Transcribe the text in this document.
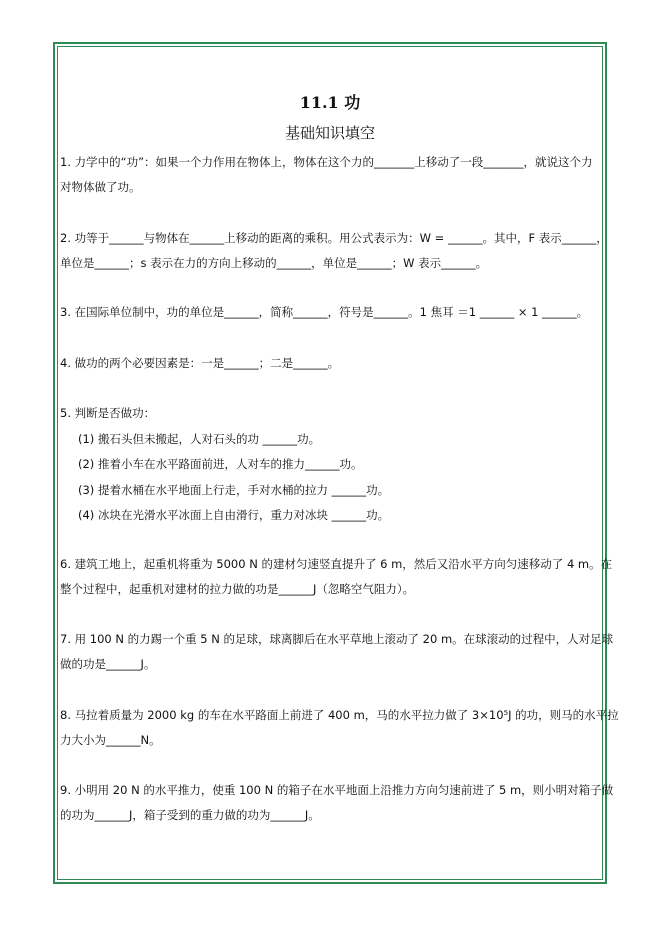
11.1 功
基础知识填空
1. 力学中的“功”：如果一个力作用在物体上，物体在这个力的_______上移动了一段_______，就说这个力
对物体做了功。
2. 功等于______与物体在______上移动的距离的乘积。用公式表示为：W = ______。其中，F 表示______，
单位是______；s 表示在力的方向上移动的______，单位是______；W 表示______。
3. 在国际单位制中，功的单位是______，简称______，符号是______。1 焦耳 ＝1 ______ × 1 ______。
4. 做功的两个必要因素是：一是______；二是______。
5. 判断是否做功：
(1) 搬石头但未搬起，人对石头的功 ______功。
(2) 推着小车在水平路面前进，人对车的推力______功。
(3) 提着水桶在水平地面上行走，手对水桶的拉力 ______功。
(4) 冰块在光滑水平冰面上自由滑行，重力对冰块 ______功。
6. 建筑工地上，起重机将重为 5000 N 的建材匀速竖直提升了 6 m，然后又沿水平方向匀速移动了 4 m。在
整个过程中，起重机对建材的拉力做的功是______J（忽略空气阻力）。
7. 用 100 N 的力踢一个重 5 N 的足球，球离脚后在水平草地上滚动了 20 m。在球滚动的过程中，人对足球
做的功是______J。
8. 马拉着质量为 2000 kg 的车在水平路面上前进了 400 m，马的水平拉力做了 3×10⁵J 的功，则马的水平拉
力大小为______N。
9. 小明用 20 N 的水平推力，使重 100 N 的箱子在水平地面上沿推力方向匀速前进了 5 m，则小明对箱子做
的功为______J，箱子受到的重力做的功为______J。
